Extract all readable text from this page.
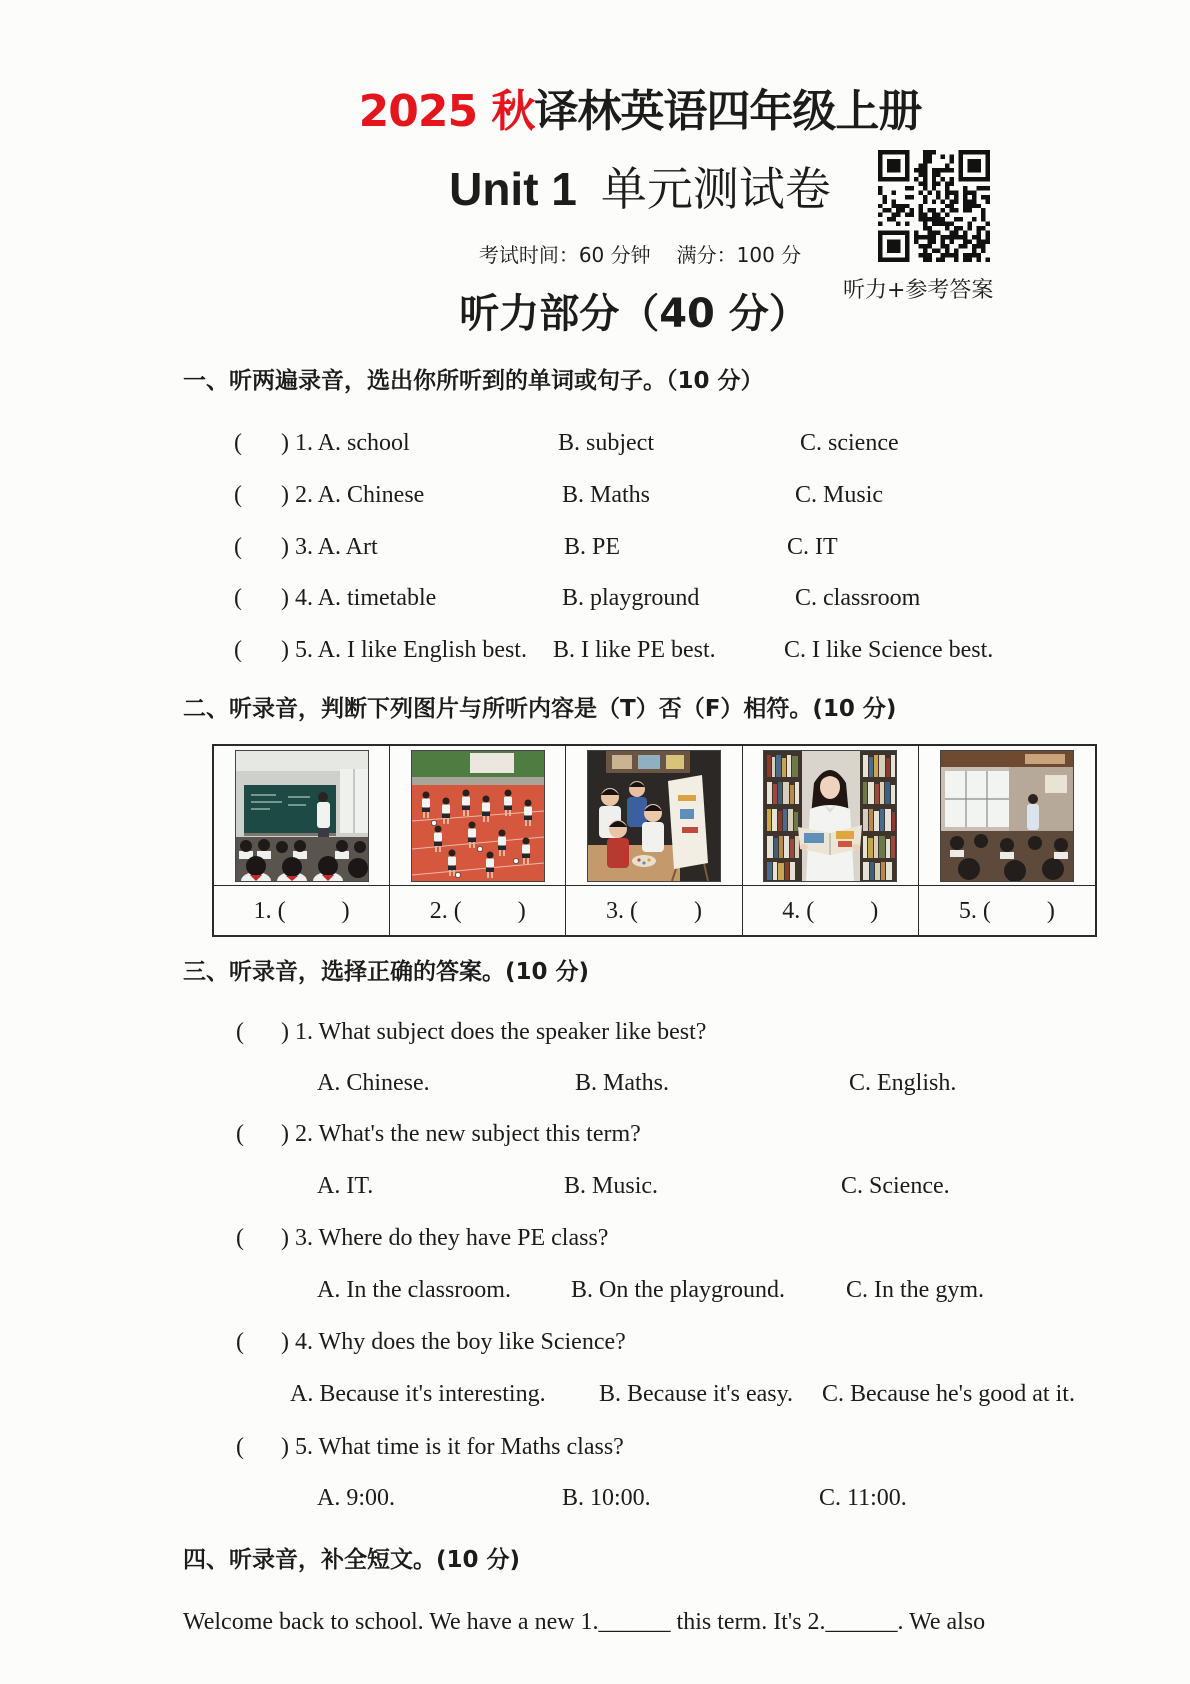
2025 秋译林英语四年级上册
Unit 1 单元测试卷
考试时间：60 分钟 满分：100 分
听力+参考答案
听力部分（40 分）
一、听两遍录音，选出你所听到的单词或句子。（10 分）
( ) 1. A. school	B. subject	C. science
( ) 2. A. Chinese	B. Maths	C. Music
( ) 3. A. Art	B. PE	C. IT
( ) 4. A. timetable	B. playground	C. classroom
( ) 5. A. I like English best. B. I like PE best.	C. I like Science best.
二、听录音，判断下列图片与所听内容是（T）否（F）相符。(10 分)
1. ( )	2. ( )	3. ( )	4. ( )	5. ( )
三、听录音，选择正确的答案。(10 分)
( ) 1. What subject does the speaker like best?
A. Chinese.	B. Maths.	C. English.
( ) 2. What's the new subject this term?
A. IT.	B. Music.	C. Science.
( ) 3. Where do they have PE class?
A. In the classroom.	B. On the playground.	C. In the gym.
( ) 4. Why does the boy like Science?
A. Because it's interesting. B. Because it's easy. C. Because he's good at it.
( ) 5. What time is it for Maths class?
A. 9:00.	B. 10:00.	C. 11:00.
四、听录音，补全短文。(10 分)
Welcome back to school. We have a new 1.______ this term. It's 2.______. We also
